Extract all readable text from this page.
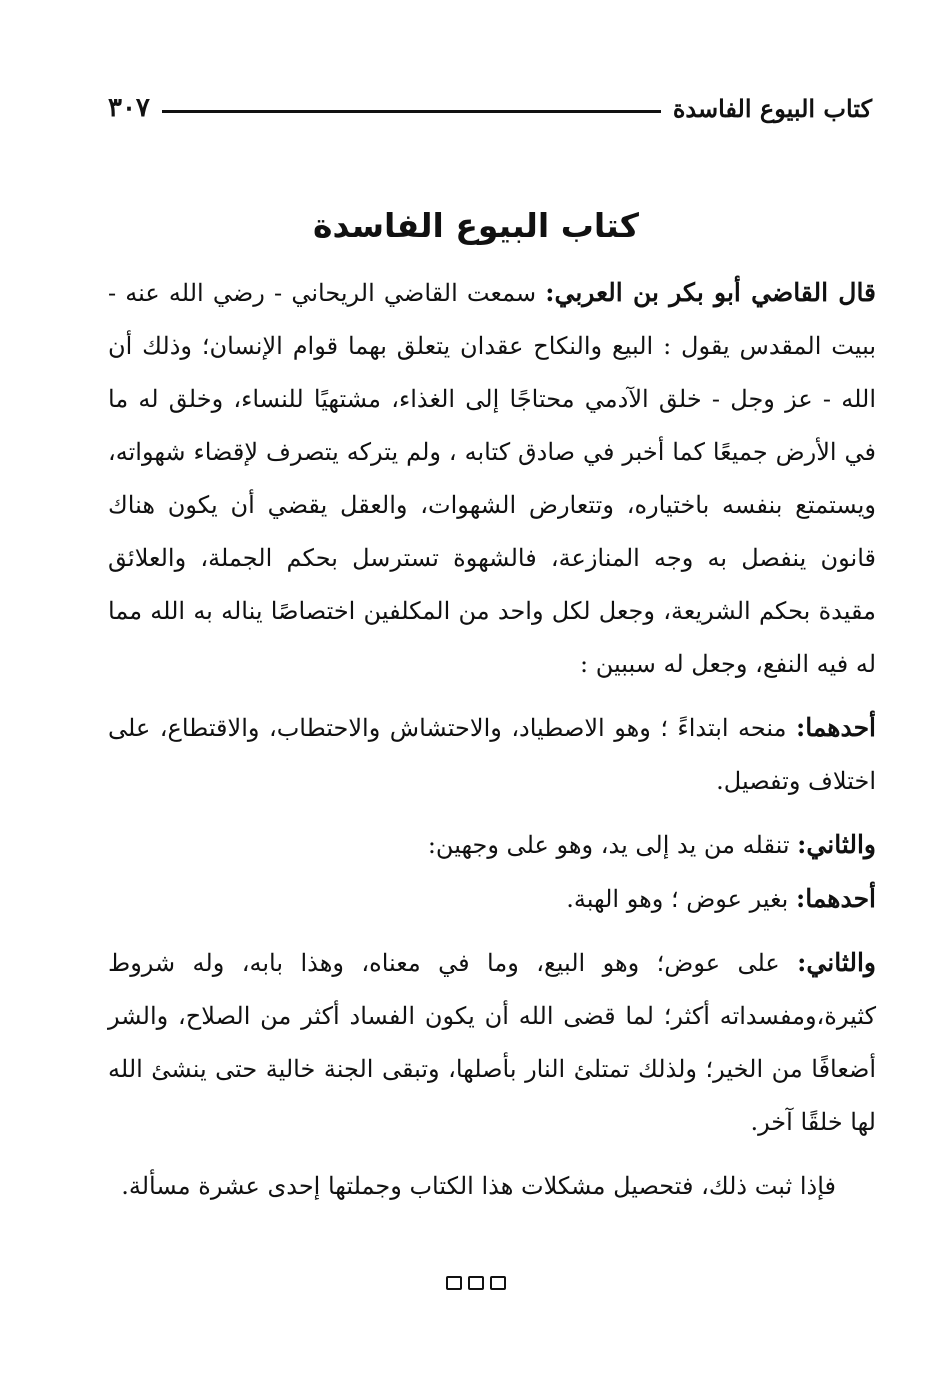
كتاب البيوع الفاسدة
٣٠٧
كتاب البيوع الفاسدة

قال القاضي أبو بكر بن العربي: سمعت القاضي الريحاني - رضي الله عنه - ببيت المقدس يقول : البيع والنكاح عقدان يتعلق بهما قوام الإنسان؛ وذلك أن الله - عز وجل - خلق الآدمي محتاجًا إلى الغذاء، مشتهيًا للنساء، وخلق له ما في الأرض جميعًا كما أخبر في صادق كتابه ، ولم يتركه يتصرف لإقضاء شهواته، ويستمتع بنفسه باختياره، وتتعارض الشهوات، والعقل يقضي أن يكون هناك قانون ينفصل به وجه المنازعة، فالشهوة تسترسل بحكم الجملة، والعلائق مقيدة بحكم الشريعة، وجعل لكل واحد من المكلفين اختصاصًا يناله به الله مما له فيه النفع، وجعل له سببين :

أحدهما: منحه ابتداءً ؛ وهو الاصطياد، والاحتشاش والاحتطاب، والاقتطاع، على اختلاف وتفصيل.

والثاني: تنقله من يد إلى يد، وهو على وجهين:

أحدهما: بغير عوض ؛ وهو الهبة.

والثاني: على عوض؛ وهو البيع، وما في معناه، وهذا بابه، وله شروط كثيرة،ومفسداته أكثر؛ لما قضى الله أن يكون الفساد أكثر من الصلاح، والشر أضعافًا من الخير؛ ولذلك تمتلئ النار بأصلها، وتبقى الجنة خالية حتى ينشئ الله لها خلقًا آخر.

فإذا ثبت ذلك، فتحصيل مشكلات هذا الكتاب وجملتها إحدى عشرة مسألة.
